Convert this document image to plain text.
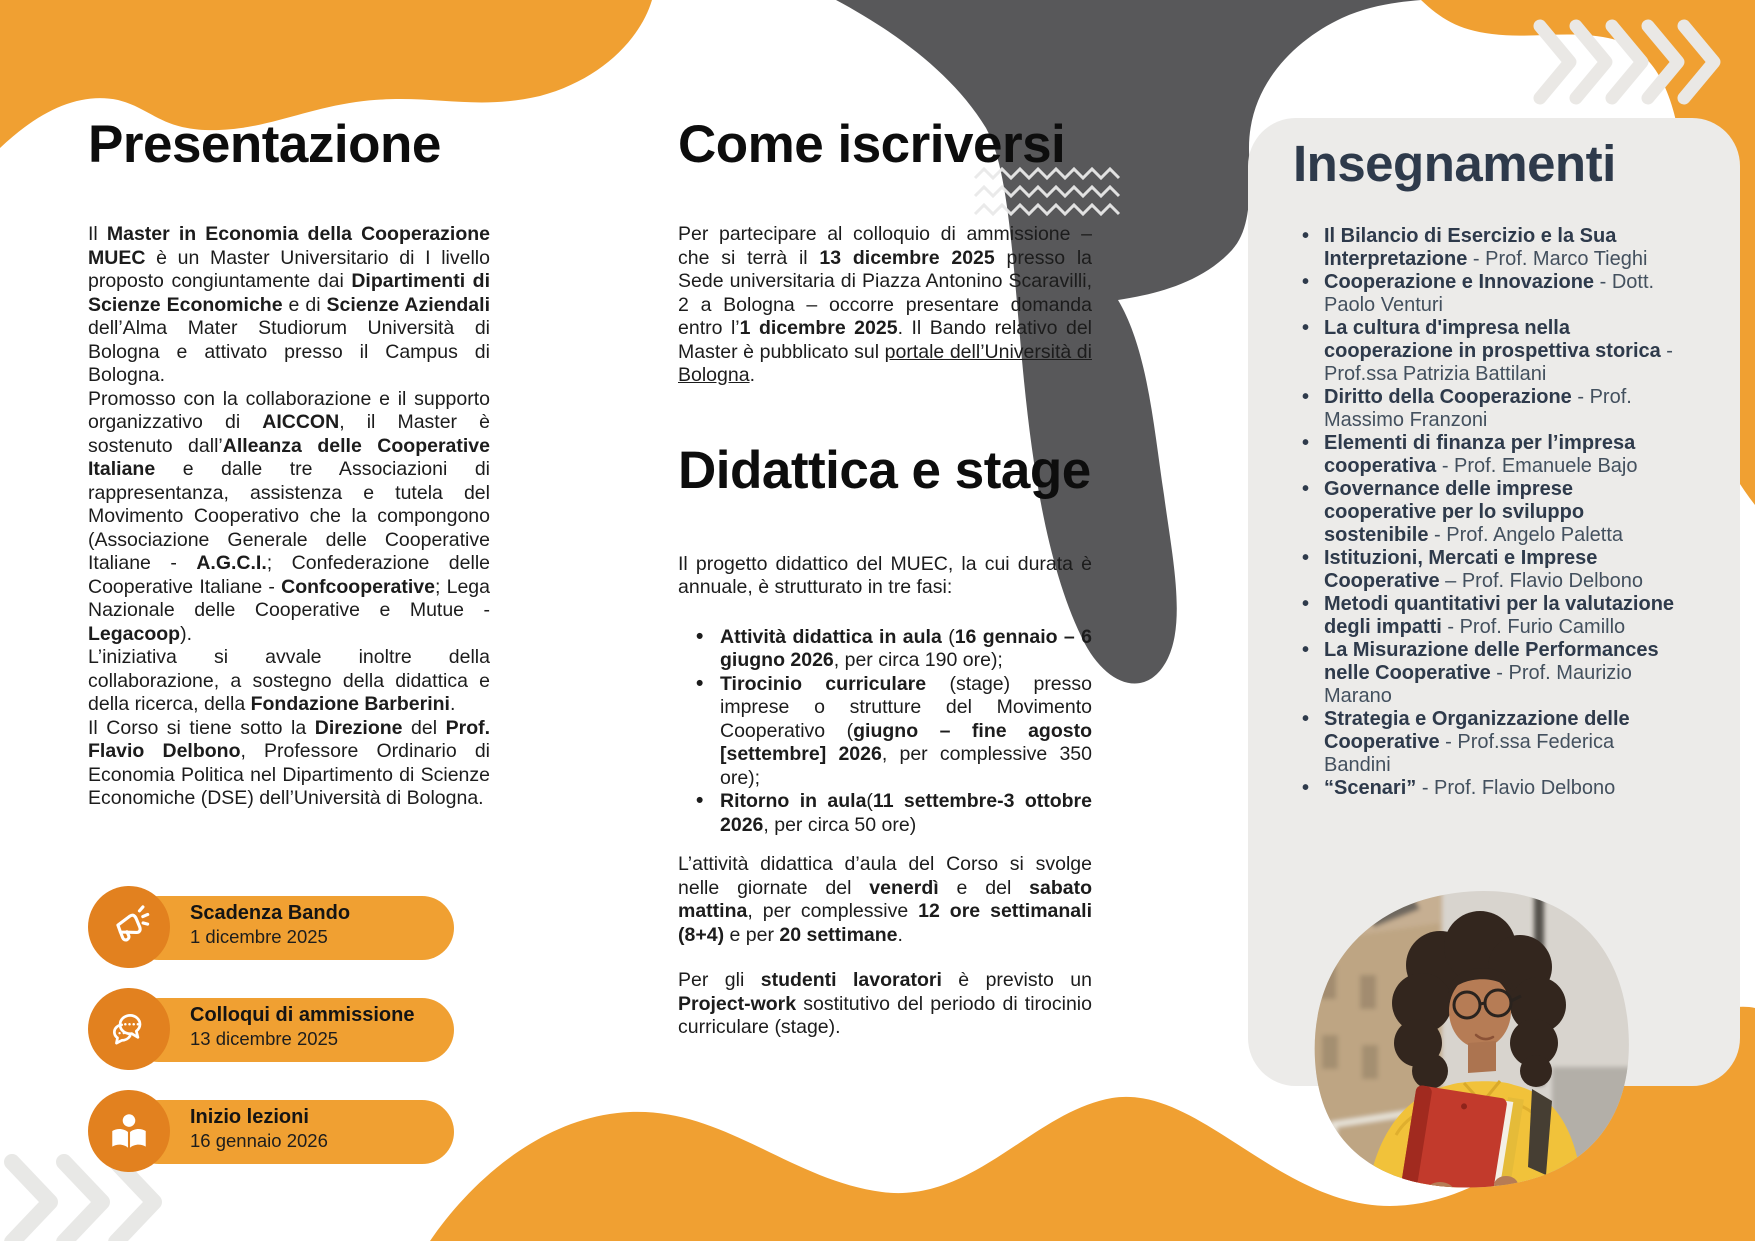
Presentazione

Il Master in Economia della Cooperazione MUEC è un Master Universitario di I livello proposto congiuntamente dai Dipartimenti di Scienze Economiche e di Scienze Aziendali dell’Alma Mater Studiorum Università di Bologna e attivato presso il Campus di Bologna.

Promosso con la collaborazione e il supporto organizzativo di AICCON, il Master è sostenuto dall’Alleanza delle Cooperative Italiane e dalle tre Associazioni di rappresentanza, assistenza e tutela del Movimento Cooperativo che la compongono (Associazione Generale delle Cooperative Italiane - A.G.C.I.; Confederazione delle Cooperative Italiane - Confcooperative; Lega Nazionale delle Cooperative e Mutue - Legacoop).

L’iniziativa si avvale inoltre della collaborazione, a sostegno della didattica e della ricerca, della Fondazione Barberini.

Il Corso si tiene sotto la Direzione del Prof. Flavio Delbono, Professore Ordinario di Economia Politica nel Dipartimento di Scienze Economiche (DSE) dell’Università di Bologna.

Come iscriversi

Per partecipare al colloquio di ammissione – che si terrà il 13 dicembre 2025 presso la Sede universitaria di Piazza Antonino Scaravilli, 2 a Bologna – occorre presentare domanda entro l’1 dicembre 2025. Il Bando relativo del Master è pubblicato sul portale dell’Università di Bologna.

Didattica e stage

Il progetto didattico del MUEC, la cui durata è annuale, è strutturato in tre fasi:

• Attività didattica in aula (16 gennaio – 6 giugno 2026, per circa 190 ore);
• Tirocinio curriculare (stage) presso imprese o strutture del Movimento Cooperativo (giugno – fine agosto [settembre] 2026, per complessive 350 ore);
• Ritorno in aula(11 settembre-3 ottobre 2026, per circa 50 ore)

L’attività didattica d’aula del Corso si svolge nelle giornate del venerdì e del sabato mattina, per complessive 12 ore settimanali (8+4) e per 20 settimane.

Per gli studenti lavoratori è previsto un Project-work sostitutivo del periodo di tirocinio curriculare (stage).

Insegnamenti
• Il Bilancio di Esercizio e la Sua Interpretazione - Prof. Marco Tieghi
• Cooperazione e Innovazione - Dott. Paolo Venturi
• La cultura d'impresa nella cooperazione in prospettiva storica - Prof.ssa Patrizia Battilani
• Diritto della Cooperazione - Prof. Massimo Franzoni
• Elementi di finanza per l’impresa cooperativa - Prof. Emanuele Bajo
• Governance delle imprese cooperative per lo sviluppo sostenibile - Prof. Angelo Paletta
• Istituzioni, Mercati e Imprese Cooperative – Prof. Flavio Delbono
• Metodi quantitativi per la valutazione degli impatti - Prof. Furio Camillo
• La Misurazione delle Performances nelle Cooperative - Prof. Maurizio Marano
• Strategia e Organizzazione delle Cooperative - Prof.ssa Federica Bandini
• “Scenari” - Prof. Flavio Delbono
Scadenza Bando
1 dicembre 2025
Colloqui di ammissione
13 dicembre 2025
Inizio lezioni
16 gennaio 2026
